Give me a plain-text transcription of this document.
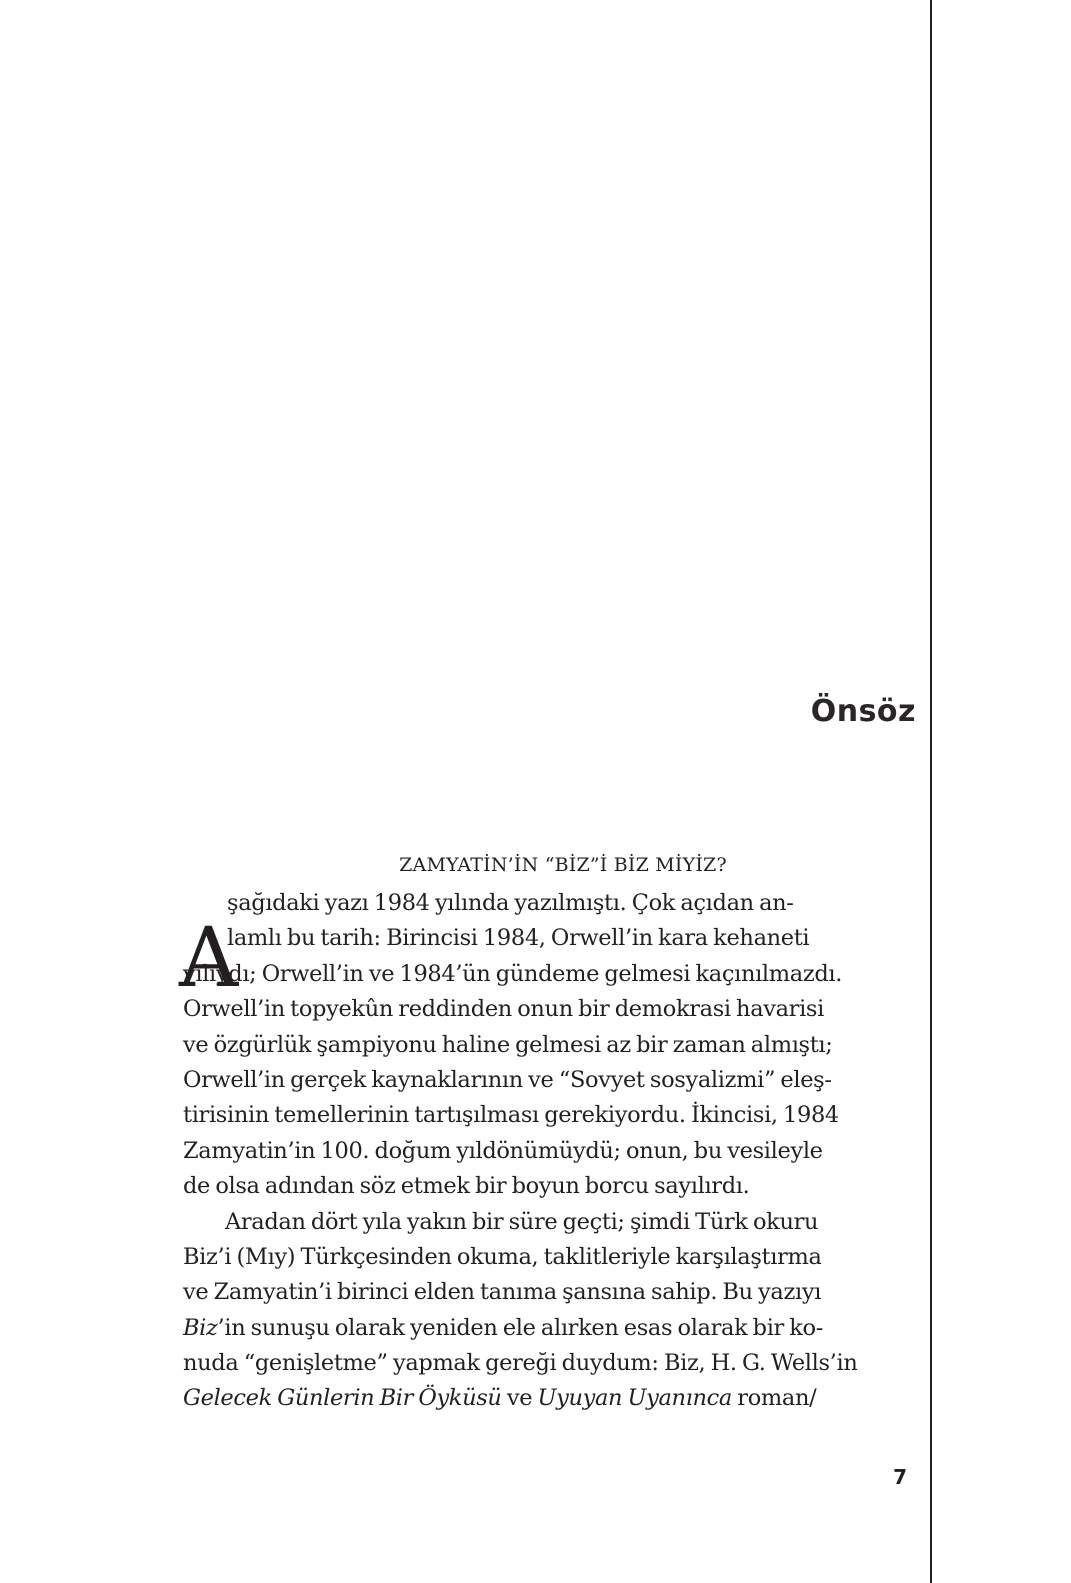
Önsöz
ZAMYATİN’İN “BİZ”İ BİZ MİYİZ?
A
şağıdaki yazı 1984 yılında yazılmıştı. Çok açıdan an-
lamlı bu tarih: Birincisi 1984, Orwell’in kara kehaneti
yılıydı; Orwell’in ve 1984’ün gündeme gelmesi kaçınılmazdı.
Orwell’in topyekûn reddinden onun bir demokrasi havarisi
ve özgürlük şampiyonu haline gelmesi az bir zaman almıştı;
Orwell’in gerçek kaynaklarının ve “Sovyet sosyalizmi” eleş-
tirisinin temellerinin tartışılması gerekiyordu. İkincisi, 1984
Zamyatin’in 100. doğum yıldönümüydü; onun, bu vesileyle
de olsa adından söz etmek bir boyun borcu sayılırdı.
Aradan dört yıla yakın bir süre geçti; şimdi Türk okuru
Biz’i (Mıy) Türkçesinden okuma, taklitleriyle karşılaştırma
ve Zamyatin’i birinci elden tanıma şansına sahip. Bu yazıyı
Biz’in sunuşu olarak yeniden ele alırken esas olarak bir ko-
nuda “genişletme” yapmak gereği duydum: Biz, H. G. Wells’in
Gelecek Günlerin Bir Öyküsü ve Uyuyan Uyanınca roman/
7
